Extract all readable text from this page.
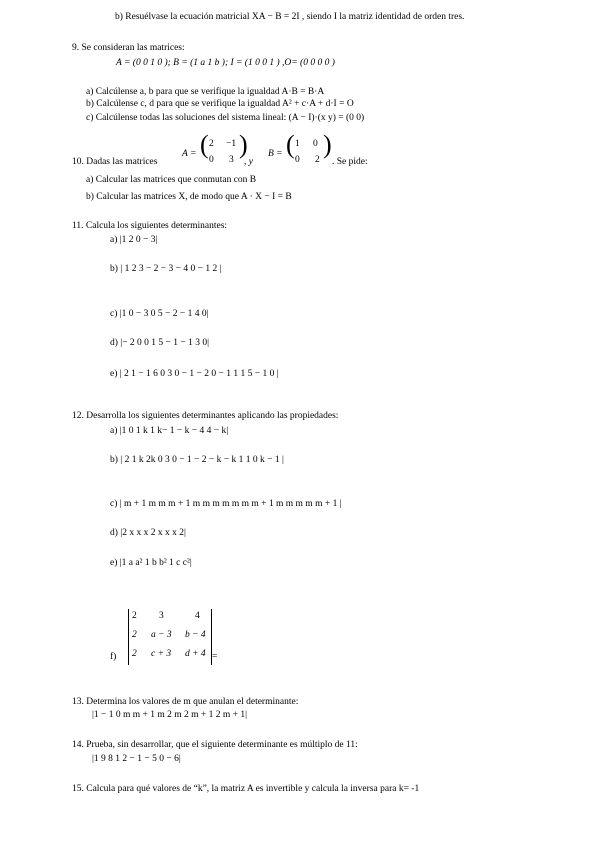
b) Resuélvase la ecuación matricial XA − B = 2I , siendo I la matriz identidad de orden tres.
9. Se consideran las matrices:
A = (0 0 1 0 ); B = (1 a 1 b ); I = (1 0 0 1 ) ,O= (0 0 0 0 )
a) Calcúlense a, b para que se verifique la igualdad A·B = B·A
b) Calcúlense c, d para que se verifique la igualdad A² + c·A + d·I = O
c) Calcúlense todas las soluciones del sistema lineal: (A − I)·(x y) = (0 0)
10. Dadas las matrices
A = ( 2 −1
0 3
)
, y
B = ( 1 0
0 2
)
. Se pide:
a) Calcular las matrices que conmutan con B
b) Calcular las matrices X, de modo que A · X − I = B
11. Calcula los siguientes determinantes:
a) |1 2 0 − 3|
b) | 1 2 3 − 2 − 3 − 4 0 − 1 2 |
c) |1 0 − 3 0 5 − 2 − 1 4 0|
d) |− 2 0 0 1 5 − 1 − 1 3 0|
e) | 2 1 − 1 6 0 3 0 − 1 − 2 0 − 1 1 1 5 − 1 0 |
12. Desarrolla los siguientes determinantes aplicando las propiedades:
a) |1 0 1 k 1 k− 1 − k − 4 4 − k|
b) | 2 1 k 2k 0 3 0 − 1 − 2 − k − k 1 1 0 k − 1 |
c) | m + 1 m m m + 1 m m m m m m m + 1 m m m m m + 1 |
d) |2 x x x 2 x x x 2|
e) |1 a a² 1 b b² 1 c c²|
f)
2 3	4
2 a − 3 b − 4
2 c + 3 d + 4 =
13. Determina los valores de m que anulan el determinante:
|1 − 1 0 m m + 1 m 2 m 2 m + 1 2 m + 1|
14. Prueba, sin desarrollar, que el siguiente determinante es múltiplo de 11:
|1 9 8 1 2 − 1 − 5 0 − 6|
15. Calcula para qué valores de “k”, la matriz A es invertible y calcula la inversa para k= -1
